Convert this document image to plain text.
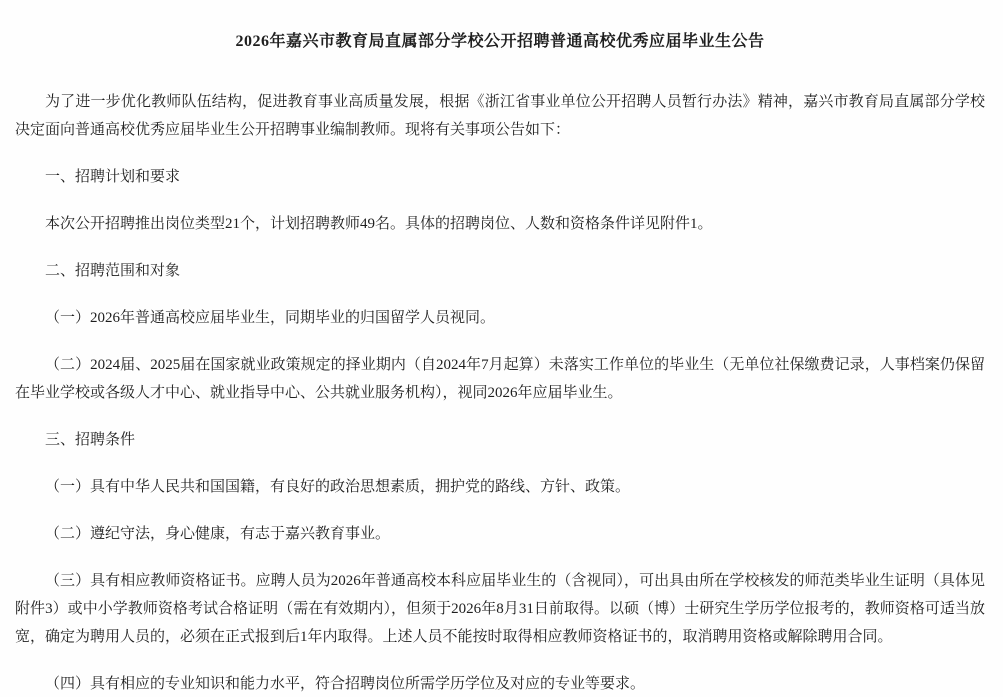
2026年嘉兴市教育局直属部分学校公开招聘普通高校优秀应届毕业生公告

为了进一步优化教师队伍结构，促进教育事业高质量发展，根据《浙江省事业单位公开招聘人员暂行办法》精神，嘉兴市教育局直属部分学校决定面向普通高校优秀应届毕业生公开招聘事业编制教师。现将有关事项公告如下：

一、招聘计划和要求

本次公开招聘推出岗位类型21个，计划招聘教师49名。具体的招聘岗位、人数和资格条件详见附件1。

二、招聘范围和对象

（一）2026年普通高校应届毕业生，同期毕业的归国留学人员视同。

（二）2024届、2025届在国家就业政策规定的择业期内（自2024年7月起算）未落实工作单位的毕业生（无单位社保缴费记录，人事档案仍保留在毕业学校或各级人才中心、就业指导中心、公共就业服务机构），视同2026年应届毕业生。

三、招聘条件

（一）具有中华人民共和国国籍，有良好的政治思想素质，拥护党的路线、方针、政策。

（二）遵纪守法，身心健康，有志于嘉兴教育事业。

（三）具有相应教师资格证书。应聘人员为2026年普通高校本科应届毕业生的（含视同），可出具由所在学校核发的师范类毕业生证明（具体见附件3）或中小学教师资格考试合格证明（需在有效期内），但须于2026年8月31日前取得。以硕（博）士研究生学历学位报考的，教师资格可适当放宽，确定为聘用人员的，必须在正式报到后1年内取得。上述人员不能按时取得相应教师资格证书的，取消聘用资格或解除聘用合同。

（四）具有相应的专业知识和能力水平，符合招聘岗位所需学历学位及对应的专业等要求。
